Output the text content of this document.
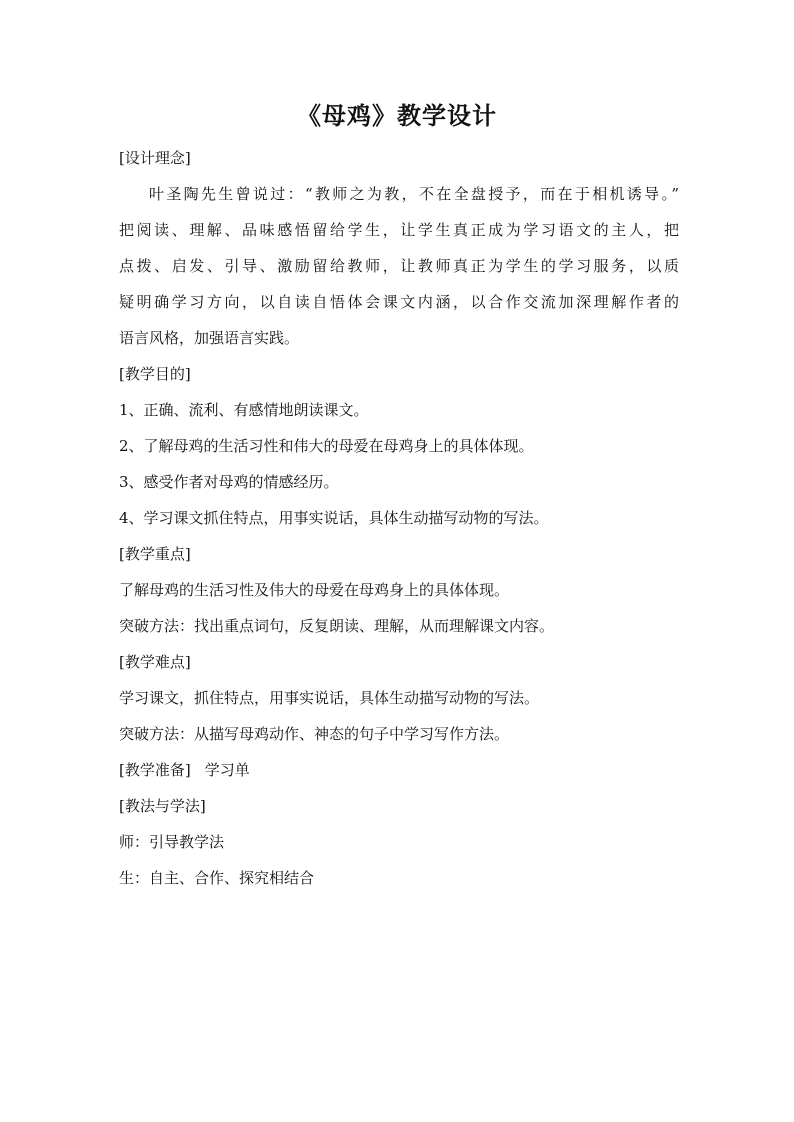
《母鸡》教学设计
[设计理念]
叶圣陶先生曾说过：“教师之为教，不在全盘授予，而在于相机诱导。”
把阅读、理解、品味感悟留给学生，让学生真正成为学习语文的主人，把
点拨、启发、引导、激励留给教师，让教师真正为学生的学习服务，以质
疑明确学习方向，以自读自悟体会课文内涵，以合作交流加深理解作者的
语言风格，加强语言实践。
[教学目的]
1、正确、流利、有感情地朗读课文。
2、了解母鸡的生活习性和伟大的母爱在母鸡身上的具体体现。
3、感受作者对母鸡的情感经历。
4、学习课文抓住特点，用事实说话，具体生动描写动物的写法。
[教学重点]
了解母鸡的生活习性及伟大的母爱在母鸡身上的具体体现。
突破方法：找出重点词句，反复朗读、理解，从而理解课文内容。
[教学难点]
学习课文，抓住特点，用事实说话，具体生动描写动物的写法。
突破方法：从描写母鸡动作、神态的句子中学习写作方法。
[教学准备] 学习单
[教法与学法]
师：引导教学法
生：自主、合作、探究相结合
